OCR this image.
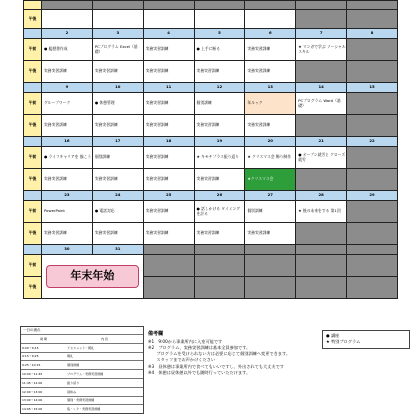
午後							
	2	3	4	5	6	7	8
午前	● 履歴書作成	PCプログラム Excel（基礎）	実務実習訓練	● 上手に断る	実務実習訓練	★ マンガで学ぶ ソーシャルスキル	
午後	実務実習訓練	実務実習訓練	実務実習訓練	実務実習訓練	実務実習訓練		
	9	10	11	12	13	14	15
午前	グループワーク	● 休憩管理	実務実習訓練	個別訓練	年ルック	PCプログラム Word（基礎）	
午後	実務実習訓練	実務実習訓練	実務実習訓練	実務実習訓練	実務実習訓練		
	16	17	18	19	20	21	22
午前	● ライフキャリアを 描こう	個別訓練	実務実習訓練	★ キモチプラス振り返り	★ クリスマス会 飾り制作	● オープン就労と クローズ就労	
午後	実務実習訓練	実務実習訓練	実務実習訓練	実務実習訓練	★クリスマス会		
	23	24	25	26	27	28	29
午前	PowerPoint	● 電話対応	実務実習訓練	● 話しかける タイミング を計る	個別訓練	★ 後の未来をする 第1回	
午後	実務実習訓練	実務実習訓練	実務実習訓練	実務実習訓練	実務実習訓練		
	30	31					
午前	年末年始						

午後							
一日の流れ
時 間	内 容
9:00〜9:15	アセスメント・朝礼
9:15〜9:25	朝礼
9:25〜10:15	個別訓練
10:00〜11:45	プログラム・実務実習訓練
11:45〜12:00	振り返り
12:00〜13:00	昼休み
13:00〜14:00	個別・実務実習訓練
14:05〜15:00	集・レク・実務実習訓練
備考欄
※1　9:00から事業所内に入室可能です
※2　プログラム、実務実習訓練は基本全員参加です。
　　プログラムを受けられない方は必要に応じて個別訓練へ変更できます。
　　スタッフまでお声かけください
※3　昼休憩は事業所内で食べてもいいですし、外出されても大丈夫です
※4　休憩は昼休憩以外でも随時行っていただけます。
● 講座
★ 特別プログラム
